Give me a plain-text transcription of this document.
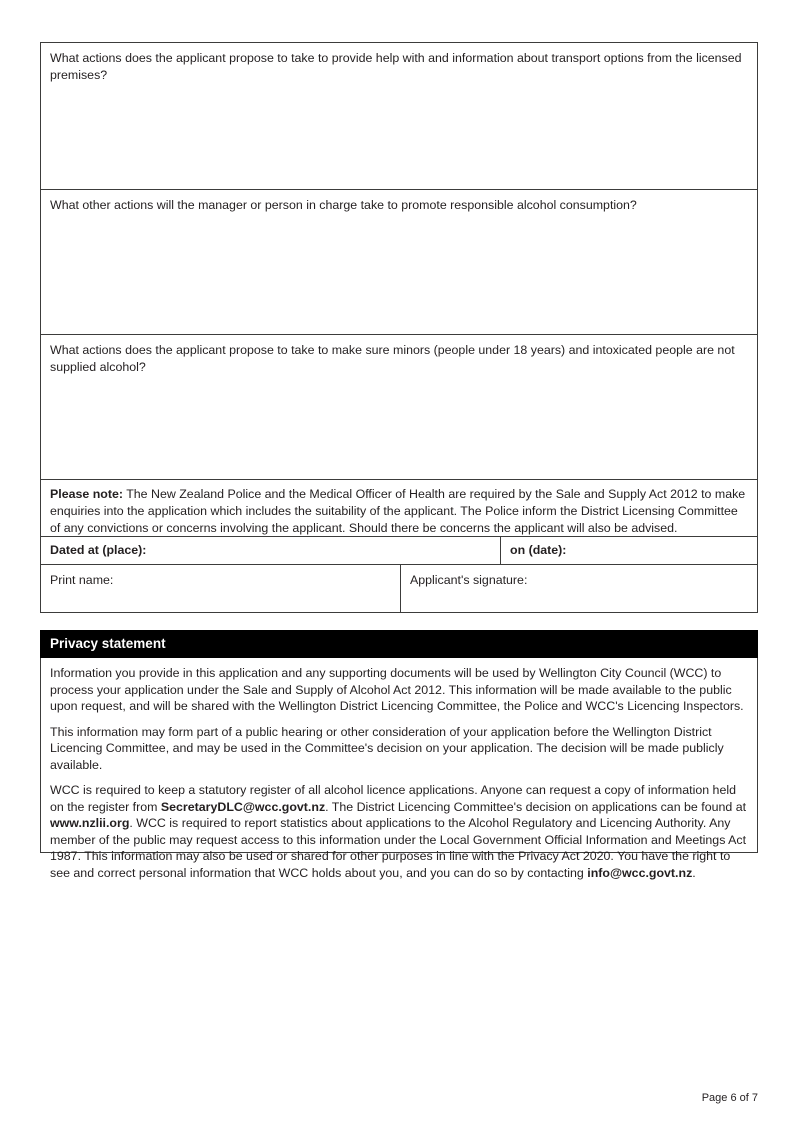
What actions does the applicant propose to take to provide help with and information about transport options from the licensed premises?
What other actions will the manager or person in charge take to promote responsible alcohol consumption?
What actions does the applicant propose to take to make sure minors (people under 18 years) and intoxicated people are not supplied alcohol?
Please note: The New Zealand Police and the Medical Officer of Health are required by the Sale and Supply Act 2012 to make enquiries into the application which includes the suitability of the applicant. The Police inform the District Licensing Committee of any convictions or concerns involving the applicant. Should there be concerns the applicant will also be advised.
Dated at (place):	on (date):
Print name:	Applicant's signature:
Privacy statement

Information you provide in this application and any supporting documents will be used by Wellington City Council (WCC) to process your application under the Sale and Supply of Alcohol Act 2012. This information will be made available to the public upon request, and will be shared with the Wellington District Licencing Committee, the Police and WCC's Licencing Inspectors.

This information may form part of a public hearing or other consideration of your application before the Wellington District Licencing Committee, and may be used in the Committee's decision on your application. The decision will be made publicly available.

WCC is required to keep a statutory register of all alcohol licence applications. Anyone can request a copy of information held on the register from SecretaryDLC@wcc.govt.nz. The District Licencing Committee's decision on applications can be found at www.nzlii.org. WCC is required to report statistics about applications to the Alcohol Regulatory and Licencing Authority. Any member of the public may request access to this information under the Local Government Official Information and Meetings Act 1987. This information may also be used or shared for other purposes in line with the Privacy Act 2020. You have the right to see and correct personal information that WCC holds about you, and you can do so by contacting info@wcc.govt.nz.

Page 6 of 7
